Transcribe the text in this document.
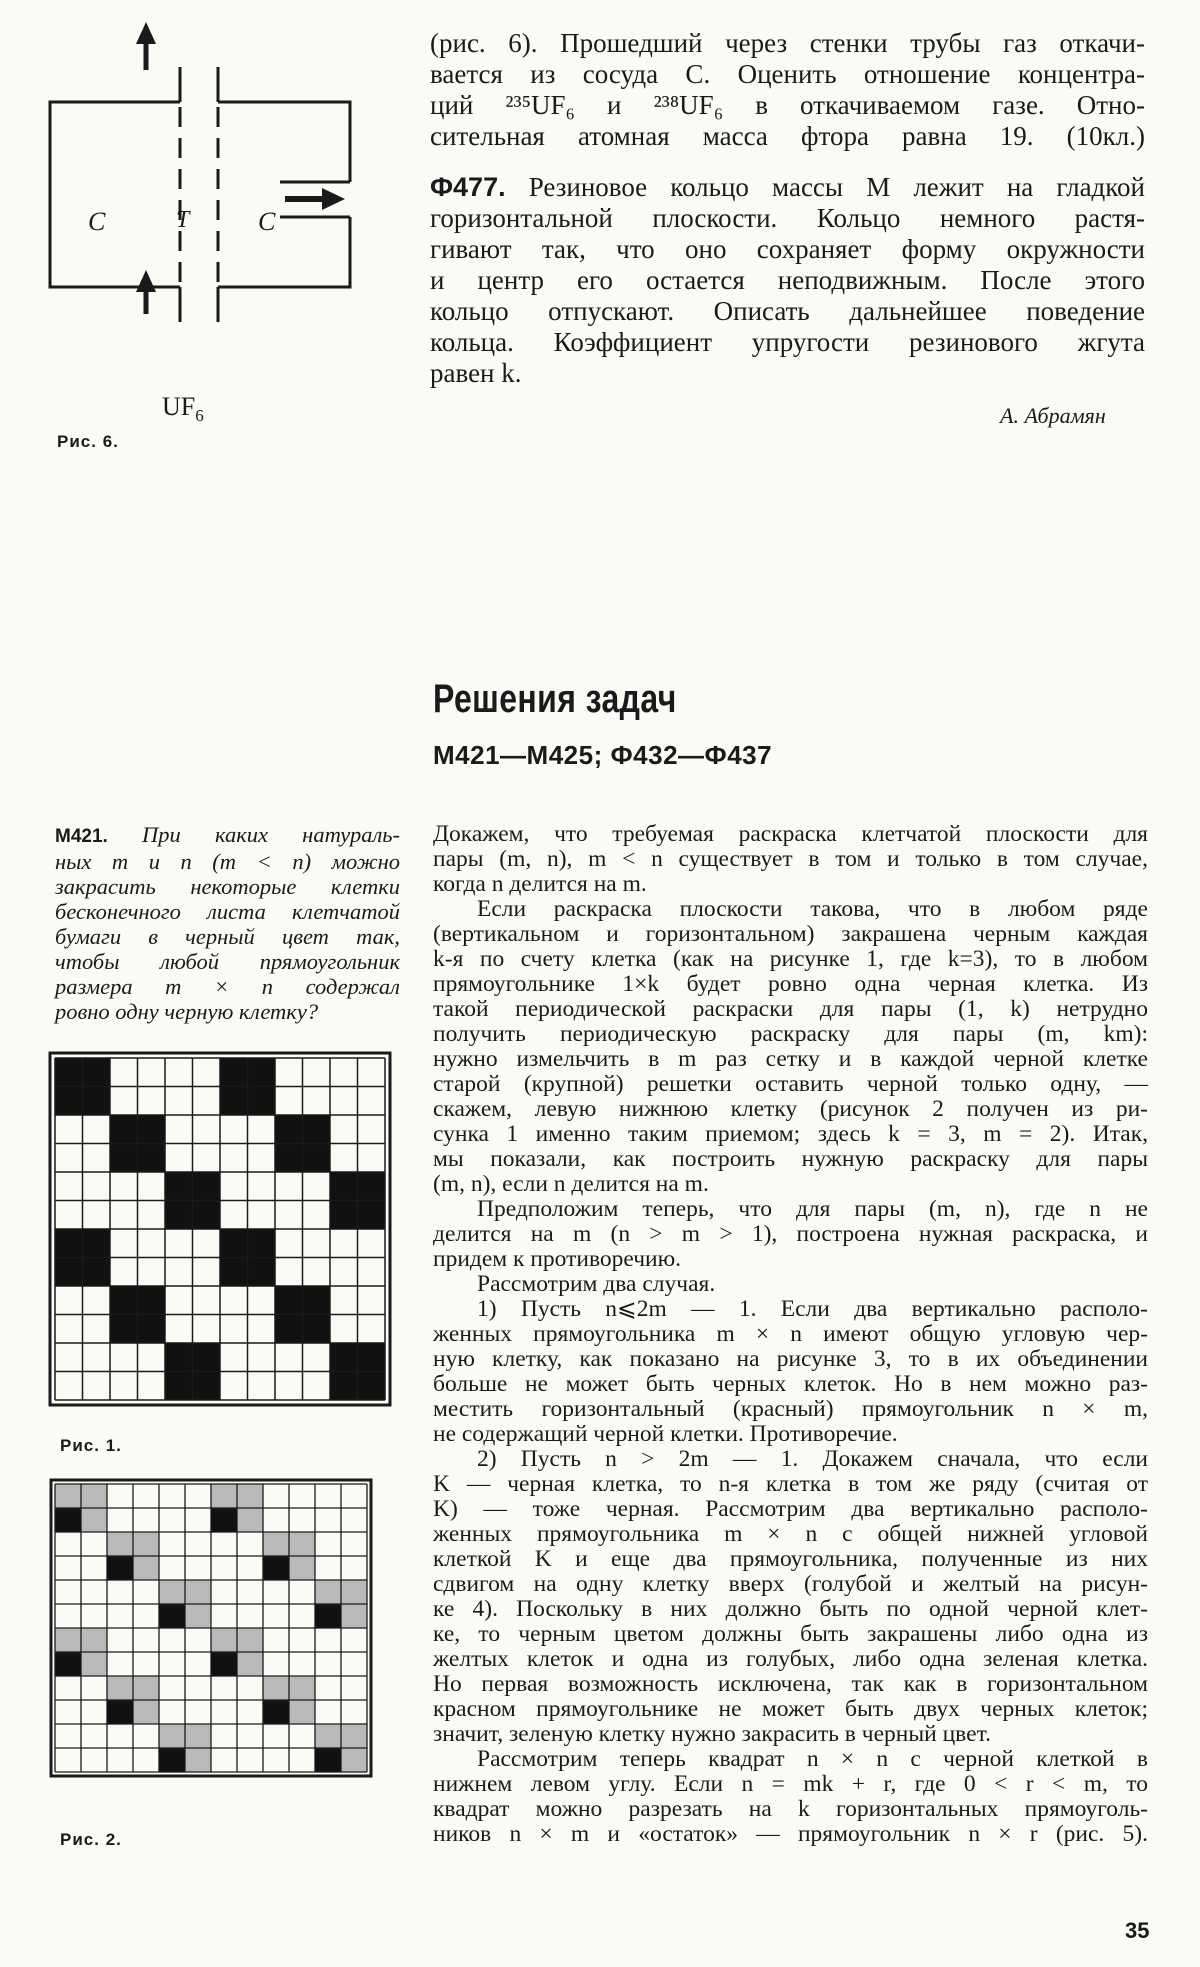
C	T	C
$UF_6$
Рис. 6.

(рис. 6). Прошедший через стенки трубы газ откачи-
вается из сосуда C. Оценить отношение концентра-
ций ²³⁵UF₆ и ²³⁸UF₆ в откачиваемом газе. Отно-
сительная атомная масса фтора равна 19. (10кл.)

Ф477. Резиновое кольцо массы M лежит на гладкой
горизонтальной плоскости. Кольцо немного растя-
гивают так, что оно сохраняет форму окружности
и центр его остается неподвижным. После этого
кольцо отпускают. Описать дальнейшее поведение
кольца. Коэффициент упругости резинового жгута
равен k.

А. Абрамян
Решения задач
М421—М425; Ф432—Ф437
М421. При каких натураль-
ных m и n (m < n) можно
закрасить некоторые клетки
бесконечного листа клетчатой
бумаги в черный цвет так,
чтобы любой прямоугольник
размера m × n содержал
ровно одну черную клетку?
Рис. 1.
Рис. 2.
Докажем, что требуемая раскраска клетчатой плоскости для
пары (m, n), m < n существует в том и только в том случае,
когда n делится на m.
Если раскраска плоскости такова, что в любом ряде
(вертикальном и горизонтальном) закрашена черным каждая
k-я по счету клетка (как на рисунке 1, где k=3), то в любом
прямоугольнике 1×k будет ровно одна черная клетка. Из
такой периодической раскраски для пары (1, k) нетрудно
получить периодическую раскраску для пары (m, km):
нужно измельчить в m раз сетку и в каждой черной клетке
старой (крупной) решетки оставить черной только одну, —
скажем, левую нижнюю клетку (рисунок 2 получен из ри-
сунка 1 именно таким приемом; здесь k = 3, m = 2). Итак,
мы показали, как построить нужную раскраску для пары
(m, n), если n делится на m.
Предположим теперь, что для пары (m, n), где n не
делится на m (n > m > 1), построена нужная раскраска, и
придем к противоречию.
Рассмотрим два случая.
1) Пусть n⩽2m — 1. Если два вертикально располо-
женных прямоугольника m × n имеют общую угловую чер-
ную клетку, как показано на рисунке 3, то в их объединении
больше не может быть черных клеток. Но в нем можно раз-
местить горизонтальный (красный) прямоугольник n × m,
не содержащий черной клетки. Противоречие.
2) Пусть n > 2m — 1. Докажем сначала, что если
K — черная клетка, то n-я клетка в том же ряду (считая от
K) — тоже черная. Рассмотрим два вертикально располо-
женных прямоугольника m × n с общей нижней угловой
клеткой K и еще два прямоугольника, полученные из них
сдвигом на одну клетку вверх (голубой и желтый на рисун-
ке 4). Поскольку в них должно быть по одной черной клет-
ке, то черным цветом должны быть закрашены либо одна из
желтых клеток и одна из голубых, либо одна зеленая клетка.
Но первая возможность исключена, так как в горизонтальном
красном прямоугольнике не может быть двух черных клеток;
значит, зеленую клетку нужно закрасить в черный цвет.
Рассмотрим теперь квадрат n × n с черной клеткой в
нижнем левом углу. Если n = mk + r, где 0 < r < m, то
квадрат можно разрезать на k горизонтальных прямоуголь-
ников n × m и «остаток» — прямоугольник n × r (рис. 5).
35
